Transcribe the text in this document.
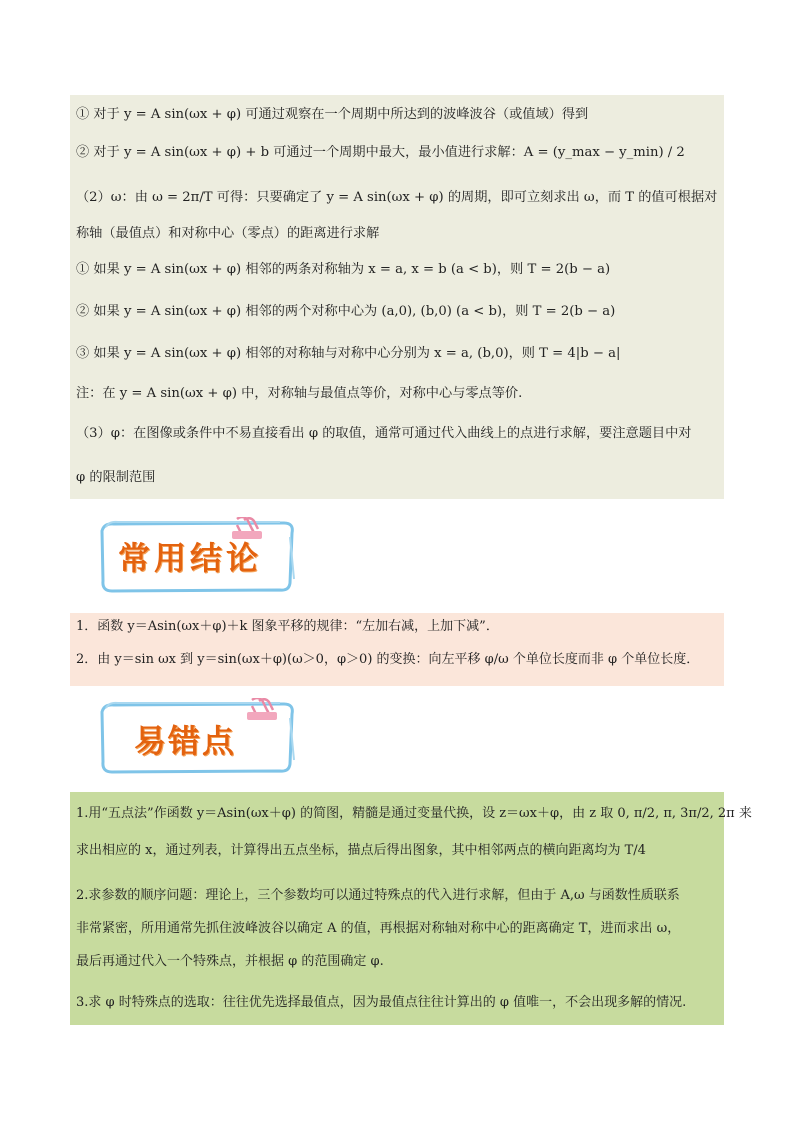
① 对于 y = A sin(ωx + φ) 可通过观察在一个周期中所达到的波峰波谷（或值域）得到
② 对于 y = A sin(ωx + φ) + b 可通过一个周期中最大，最小值进行求解：A = (y_max − y_min) / 2
（2）ω：由 ω = 2π/T 可得：只要确定了 y = A sin(ωx + φ) 的周期，即可立刻求出 ω，而 T 的值可根据对
称轴（最值点）和对称中心（零点）的距离进行求解
① 如果 y = A sin(ωx + φ) 相邻的两条对称轴为 x = a, x = b (a < b)，则 T = 2(b − a)
② 如果 y = A sin(ωx + φ) 相邻的两个对称中心为 (a,0), (b,0) (a < b)，则 T = 2(b − a)
③ 如果 y = A sin(ωx + φ) 相邻的对称轴与对称中心分别为 x = a, (b,0)，则 T = 4|b − a|
注：在 y = A sin(ωx + φ) 中，对称轴与最值点等价，对称中心与零点等价.
（3）φ：在图像或条件中不易直接看出 φ 的取值，通常可通过代入曲线上的点进行求解，要注意题目中对
φ 的限制范围
常用结论
1．函数 y＝Asin(ωx＋φ)＋k 图象平移的规律：“左加右减，上加下减”．
2．由 y＝sin ωx 到 y＝sin(ωx＋φ)(ω＞0，φ＞0) 的变换：向左平移 φ/ω 个单位长度而非 φ 个单位长度．
易错点
1.用“五点法”作函数 y＝Asin(ωx＋φ) 的简图，精髓是通过变量代换，设 z＝ωx＋φ，由 z 取 0, π/2, π, 3π/2, 2π 来
求出相应的 x，通过列表，计算得出五点坐标，描点后得出图象，其中相邻两点的横向距离均为 T/4
2.求参数的顺序问题：理论上，三个参数均可以通过特殊点的代入进行求解，但由于 A,ω 与函数性质联系
非常紧密，所用通常先抓住波峰波谷以确定 A 的值，再根据对称轴对称中心的距离确定 T，进而求出 ω，
最后再通过代入一个特殊点，并根据 φ 的范围确定 φ.
3.求 φ 时特殊点的选取：往往优先选择最值点，因为最值点往往计算出的 φ 值唯一，不会出现多解的情况.
